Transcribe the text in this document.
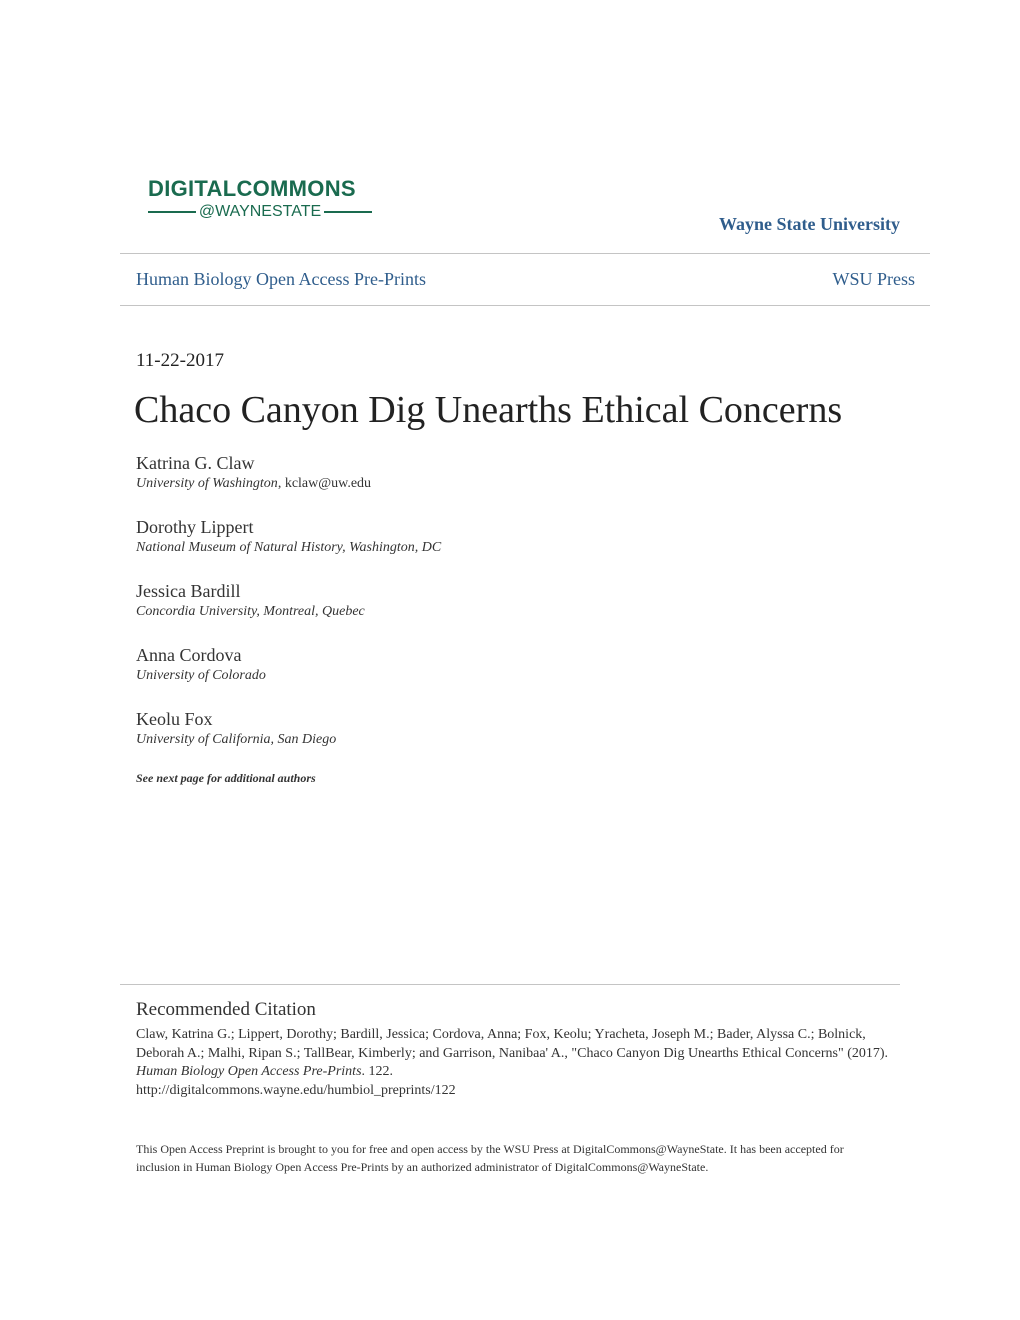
DIGITALCOMMONS
@WAYNESTATE
Wayne State University
Human Biology Open Access Pre-Prints	WSU Press
11-22-2017
Chaco Canyon Dig Unearths Ethical Concerns
Katrina G. Claw
University of Washington, kclaw@uw.edu
Dorothy Lippert
National Museum of Natural History, Washington, DC
Jessica Bardill
Concordia University, Montreal, Quebec
Anna Cordova
University of Colorado
Keolu Fox
University of California, San Diego
See next page for additional authors
Recommended Citation
Claw, Katrina G.; Lippert, Dorothy; Bardill, Jessica; Cordova, Anna; Fox, Keolu; Yracheta, Joseph M.; Bader, Alyssa C.; Bolnick,
Deborah A.; Malhi, Ripan S.; TallBear, Kimberly; and Garrison, Nanibaa' A., "Chaco Canyon Dig Unearths Ethical Concerns" (2017).
Human Biology Open Access Pre-Prints. 122.
http://digitalcommons.wayne.edu/humbiol_preprints/122
This Open Access Preprint is brought to you for free and open access by the WSU Press at DigitalCommons@WayneState. It has been accepted for
inclusion in Human Biology Open Access Pre-Prints by an authorized administrator of DigitalCommons@WayneState.
